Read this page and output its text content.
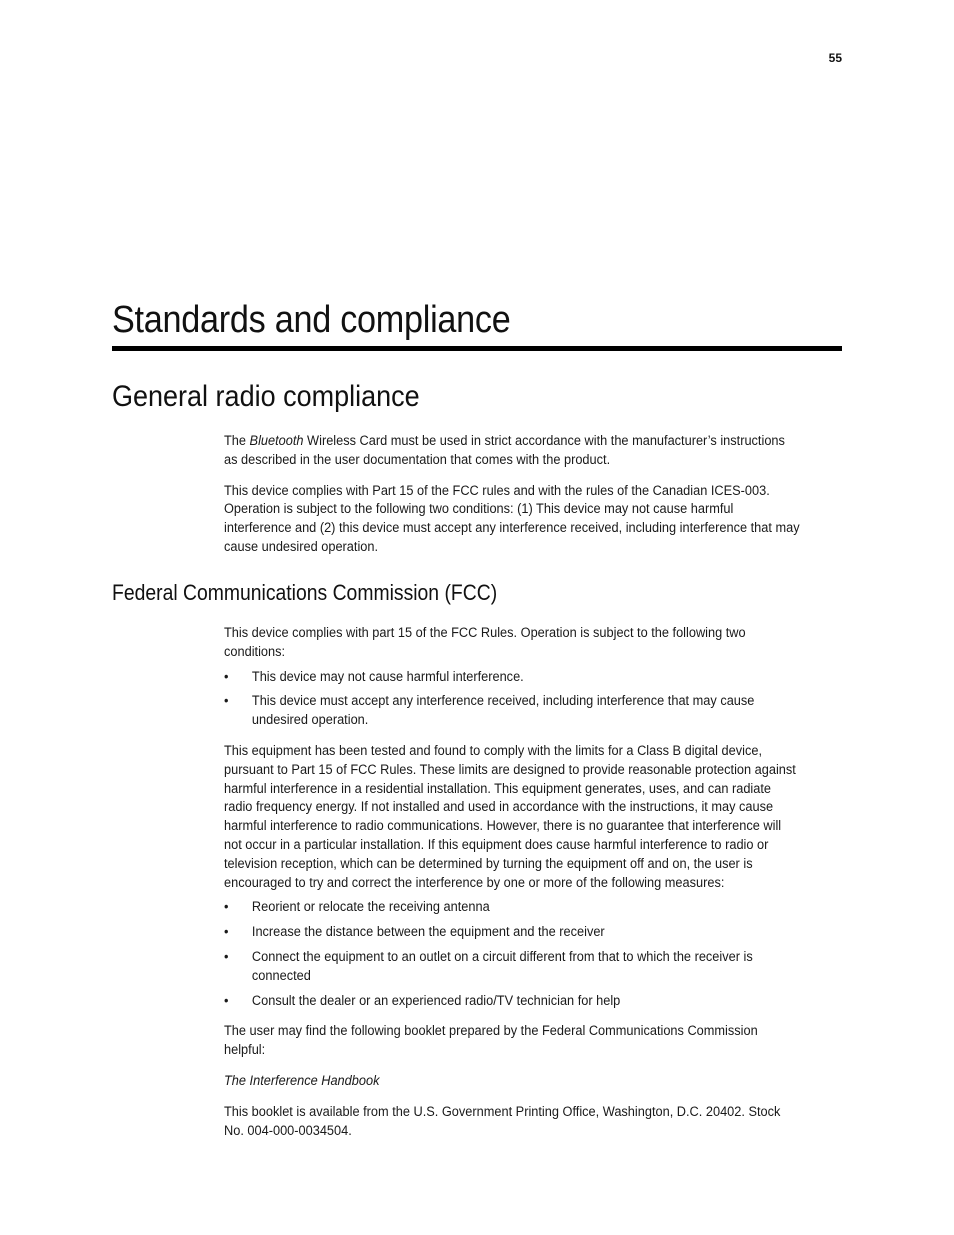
55
Standards and compliance
General radio compliance

The Bluetooth Wireless Card must be used in strict accordance with the manufacturer’s instructions as described in the user documentation that comes with the product.

This device complies with Part 15 of the FCC rules and with the rules of the Canadian ICES-003. Operation is subject to the following two conditions: (1) This device may not cause harmful interference and (2) this device must accept any interference received, including interference that may cause undesired operation.

Federal Communications Commission (FCC)

This device complies with part 15 of the FCC Rules. Operation is subject to the following two conditions:

• This device may not cause harmful interference.
• This device must accept any interference received, including interference that may cause undesired operation.

This equipment has been tested and found to comply with the limits for a Class B digital device, pursuant to Part 15 of FCC Rules. These limits are designed to provide reasonable protection against harmful interference in a residential installation. This equipment generates, uses, and can radiate radio frequency energy. If not installed and used in accordance with the instructions, it may cause harmful interference to radio communications. However, there is no guarantee that interference will not occur in a particular installation. If this equipment does cause harmful interference to radio or television reception, which can be determined by turning the equipment off and on, the user is encouraged to try and correct the interference by one or more of the following measures:

• Reorient or relocate the receiving antenna
• Increase the distance between the equipment and the receiver
• Connect the equipment to an outlet on a circuit different from that to which the receiver is connected
• Consult the dealer or an experienced radio/TV technician for help

The user may find the following booklet prepared by the Federal Communications Commission helpful:

The Interference Handbook

This booklet is available from the U.S. Government Printing Office, Washington, D.C. 20402. Stock No. 004-000-0034504.
